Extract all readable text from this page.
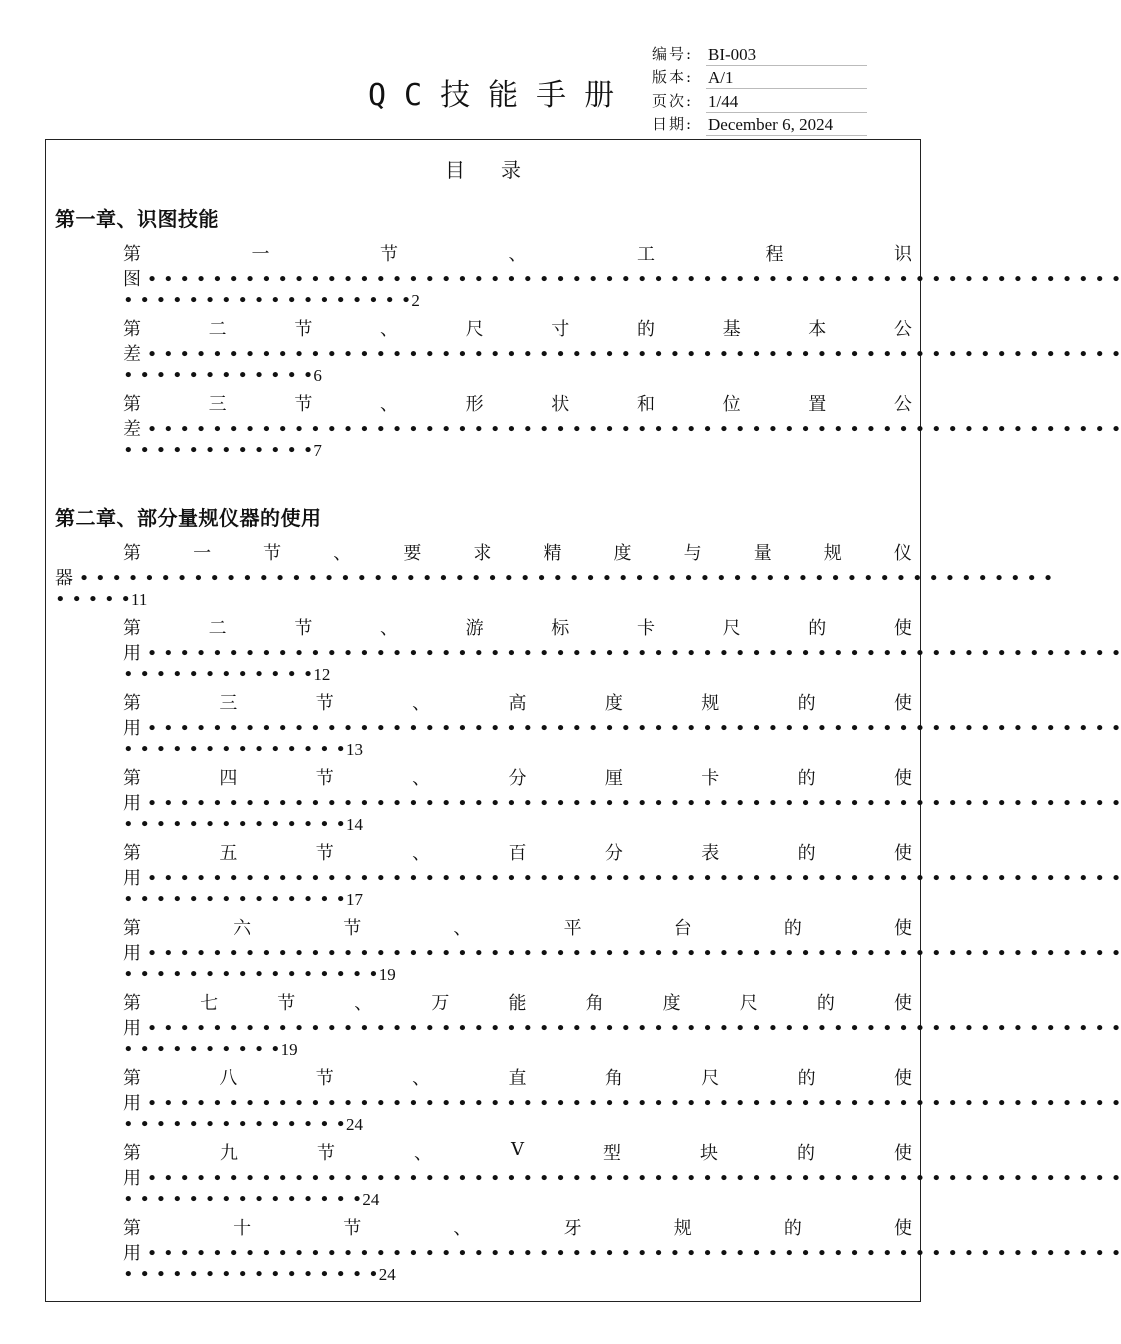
QC技能手册
编号: BI-003
版本: A/1
页次: 1/44
日期: December 6, 2024
目 录
第一章、识图技能
第	一	节	、	工	程	识
图 • • • • • • • • • • • • • • • • • • • • • • • • • • • • • • • • • • • • • • • • • • • • • • • • • • • • • • • • • • • •
• • • • • • • • • • • • • • • • • •2
第	二	节	、	尺	寸	的	基	本	公
差 • • • • • • • • • • • • • • • • • • • • • • • • • • • • • • • • • • • • • • • • • • • • • • • • • • • • • • • • • • • •
• • • • • • • • • • • •6
第	三	节	、	形	状	和	位	置	公
差 • • • • • • • • • • • • • • • • • • • • • • • • • • • • • • • • • • • • • • • • • • • • • • • • • • • • • • • • • • • •
• • • • • • • • • • • •7
第二章、部分量规仪器的使用
第	一	节	、	要	求	精	度	与	量	规	仪
器 • • • • • • • • • • • • • • • • • • • • • • • • • • • • • • • • • • • • • • • • • • • • • • • • • • • • • • • • • • • •
• • • • •11
第	二	节	、	游	标	卡	尺	的	使
用 • • • • • • • • • • • • • • • • • • • • • • • • • • • • • • • • • • • • • • • • • • • • • • • • • • • • • • • • • • • •
• • • • • • • • • • • •12
第	三	节	、	高	度	规	的	使
用 • • • • • • • • • • • • • • • • • • • • • • • • • • • • • • • • • • • • • • • • • • • • • • • • • • • • • • • • • • • •
• • • • • • • • • • • • • •13
第	四	节	、	分	厘	卡	的	使
用 • • • • • • • • • • • • • • • • • • • • • • • • • • • • • • • • • • • • • • • • • • • • • • • • • • • • • • • • • • • •
• • • • • • • • • • • • • •14
第	五	节	、	百	分	表	的	使
用 • • • • • • • • • • • • • • • • • • • • • • • • • • • • • • • • • • • • • • • • • • • • • • • • • • • • • • • • • • • •
• • • • • • • • • • • • • •17
第	六	节	、	平	台	的	使
用 • • • • • • • • • • • • • • • • • • • • • • • • • • • • • • • • • • • • • • • • • • • • • • • • • • • • • • • • • • • •
• • • • • • • • • • • • • • • •19
第	七	节	、	万	能	角	度	尺	的	使
用 • • • • • • • • • • • • • • • • • • • • • • • • • • • • • • • • • • • • • • • • • • • • • • • • • • • • • • • • • • • •
• • • • • • • • • •19
第	八	节	、	直	角	尺	的	使
用 • • • • • • • • • • • • • • • • • • • • • • • • • • • • • • • • • • • • • • • • • • • • • • • • • • • • • • • • • • • •
• • • • • • • • • • • • • •24
第	九	节	、	V	型	块	的	使
用 • • • • • • • • • • • • • • • • • • • • • • • • • • • • • • • • • • • • • • • • • • • • • • • • • • • • • • • • • • • •
• • • • • • • • • • • • • • •24
第	十	节	、	牙	规	的	使
用 • • • • • • • • • • • • • • • • • • • • • • • • • • • • • • • • • • • • • • • • • • • • • • • • • • • • • • • • • • • •
• • • • • • • • • • • • • • • •24
